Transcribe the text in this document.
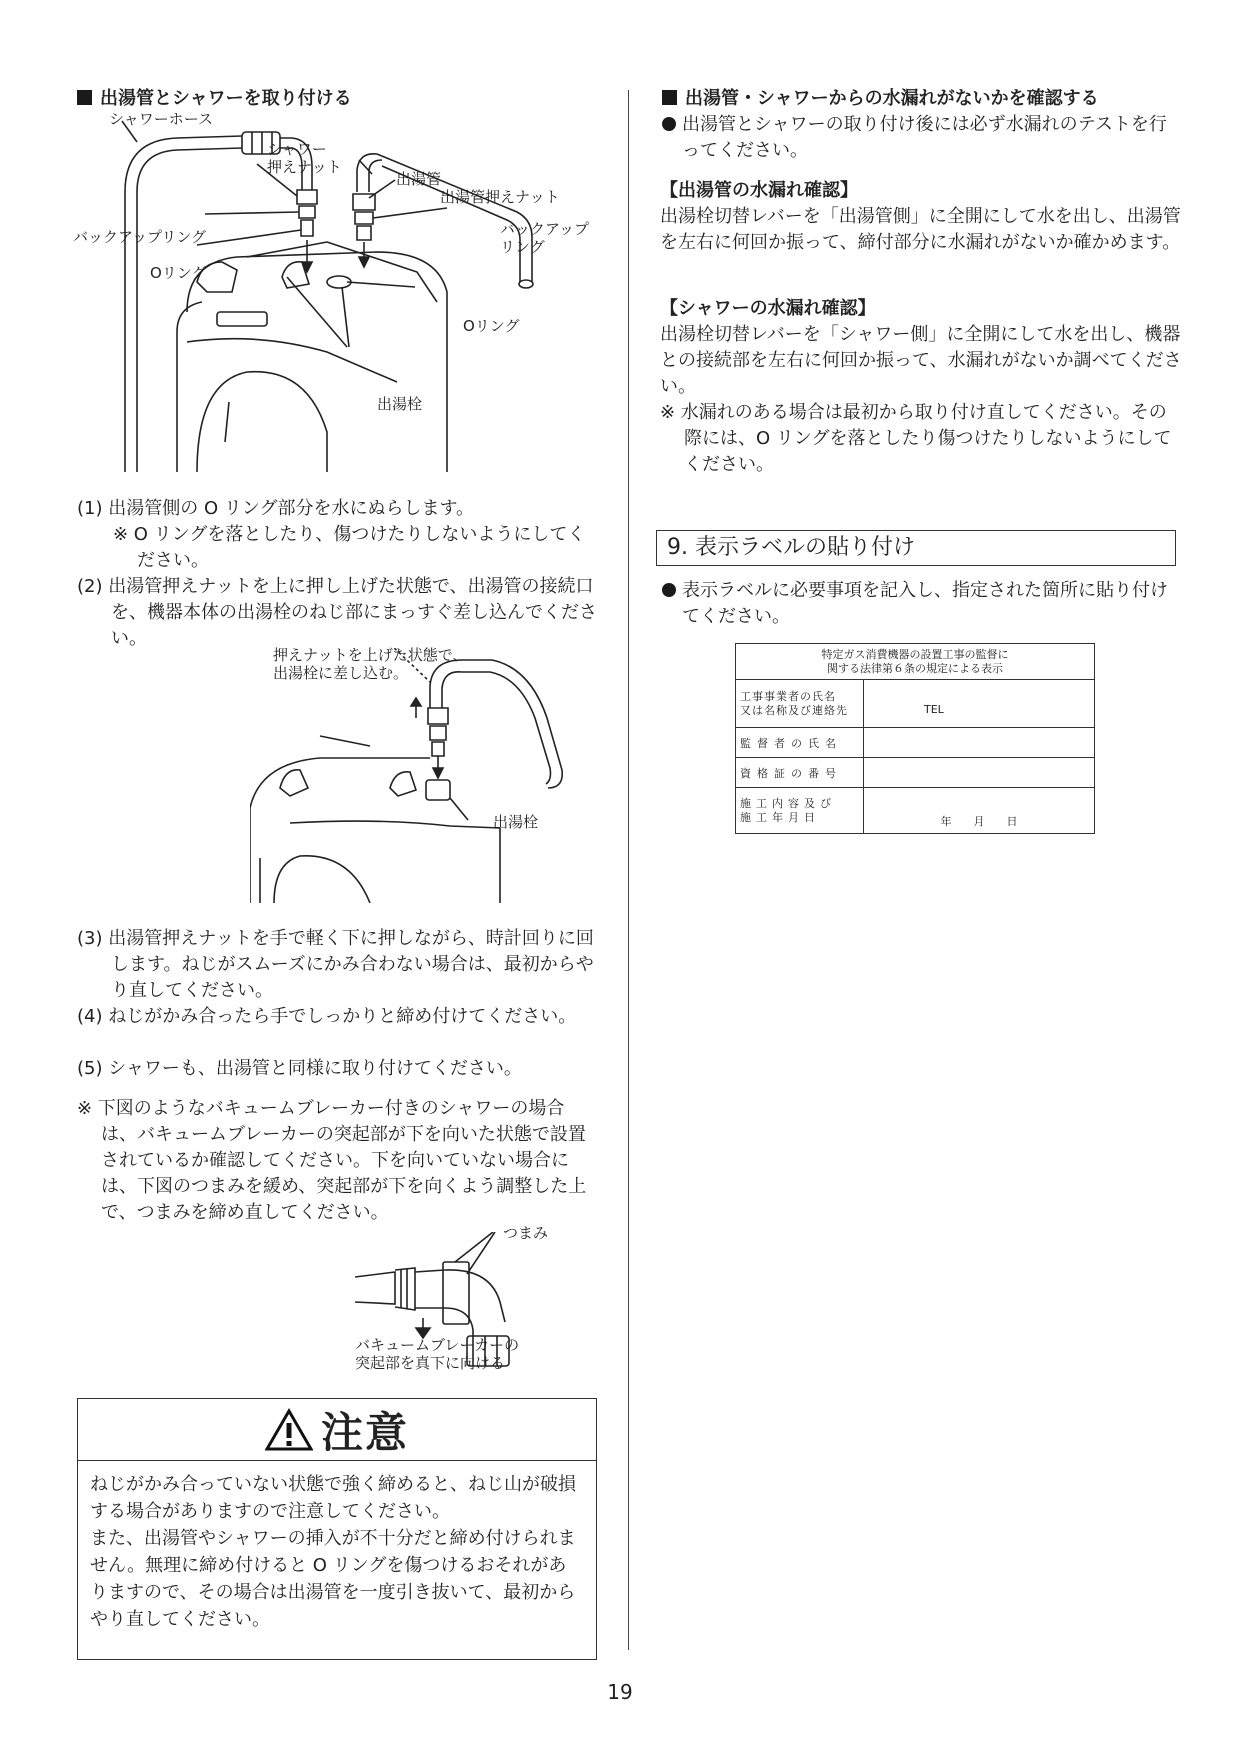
出湯管とシャワーを取り付ける
シャワーホース
シャワー
押えナット
出湯管
出湯管押えナット
バックアップリング	バックアップ
リング
Oリング
Oリング
出湯栓
(1) 出湯管側の O リング部分を水にぬらします。
※ O リングを落としたり、傷つけたりしないようにしてください。
(2) 出湯管押えナットを上に押し上げた状態で、出湯管の接続口を、機器本体の出湯栓のねじ部にまっすぐ差し込んでください。
押えナットを上げた状態で、
出湯栓に差し込む。
出湯栓
(3) 出湯管押えナットを手で軽く下に押しながら、時計回りに回します。ねじがスムーズにかみ合わない場合は、最初からやり直してください。
(4) ねじがかみ合ったら手でしっかりと締め付けてください。
(5) シャワーも、出湯管と同様に取り付けてください。
※ 下図のようなバキュームブレーカー付きのシャワーの場合は、バキュームブレーカーの突起部が下を向いた状態で設置されているか確認してください。下を向いていない場合には、下図のつまみを緩め、突起部が下を向くよう調整した上で、つまみを締め直してください。
つまみ
バキュームブレーカーの
突起部を真下に向ける
注意
ねじがかみ合っていない状態で強く締めると、ねじ山が破損する場合がありますので注意してください。
また、出湯管やシャワーの挿入が不十分だと締め付けられません。無理に締め付けると O リングを傷つけるおそれがありますので、その場合は出湯管を一度引き抜いて、最初からやり直してください。
出湯管・シャワーからの水漏れがないかを確認する
出湯管とシャワーの取り付け後には必ず水漏れのテストを行ってください。
【出湯管の水漏れ確認】
出湯栓切替レバーを「出湯管側」に全開にして水を出し、出湯管を左右に何回か振って、締付部分に水漏れがないか確かめます。
【シャワーの水漏れ確認】
出湯栓切替レバーを「シャワー側」に全開にして水を出し、機器との接続部を左右に何回か振って、水漏れがないか調べてください。
※ 水漏れのある場合は最初から取り付け直してください。その際には、O リングを落としたり傷つけたりしないようにしてください。
9. 表示ラベルの貼り付け
表示ラベルに必要事項を記入し、指定された箇所に貼り付けてください。
特定ガス消費機器の設置工事の監督に
関する法律第６条の規定による表示	
工事事業者の氏名
又は名称及び連絡先	TEL
監督者の氏名	
資格証の番号	
施工内容及び
施工年月日	年　　月　　日
19
